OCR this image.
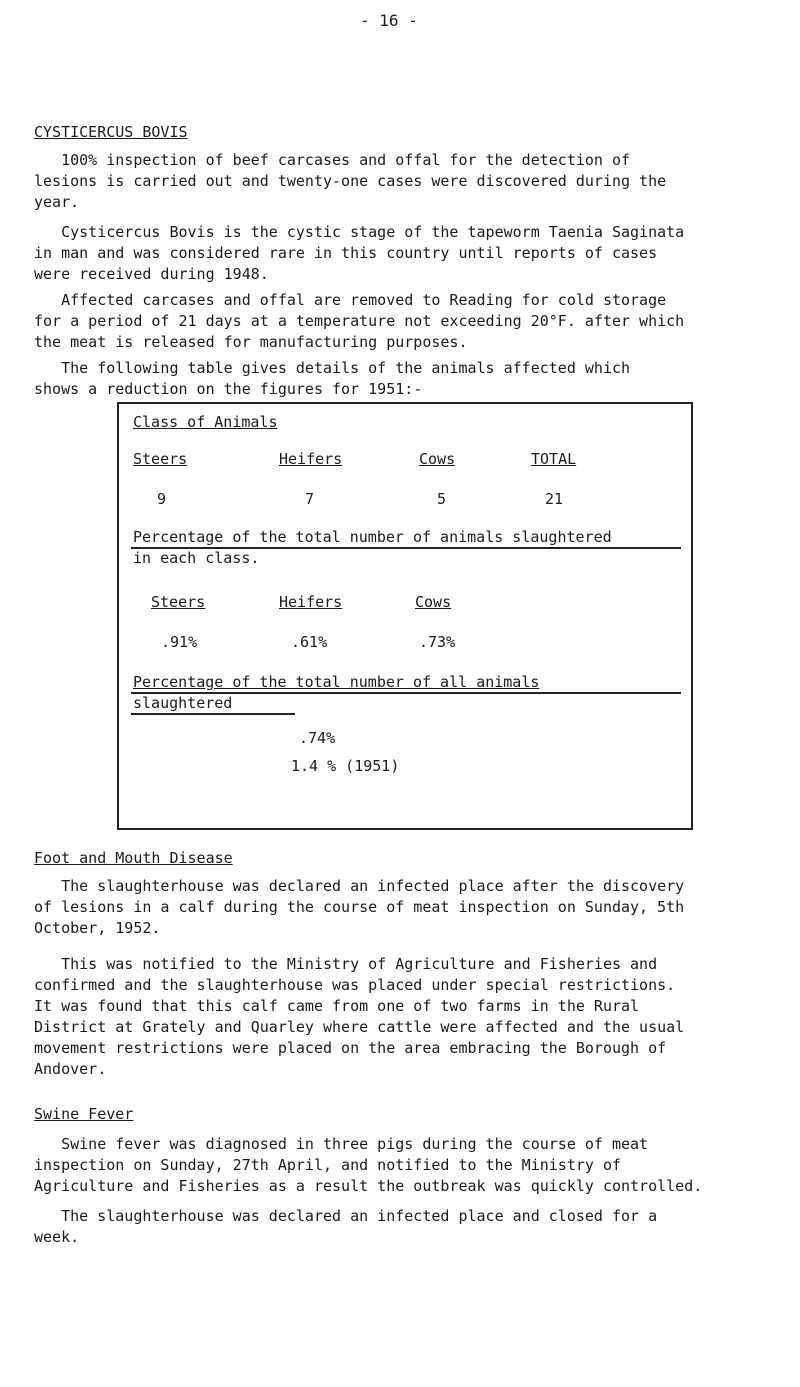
- 16 -
CYSTICERCUS BOVIS
100% inspection of beef carcases and offal for the detection of
lesions is carried out and twenty-one cases were discovered during the
year.
Cysticercus Bovis is the cystic stage of the tapeworm Taenia Saginata
in man and was considered rare in this country until reports of cases
were received during 1948.
Affected carcases and offal are removed to Reading for cold storage
for a period of 21 days at a temperature not exceeding 20°F. after which
the meat is released for manufacturing purposes.
The following table gives details of the animals affected which
shows a reduction on the figures for 1951:-
Class of Animals
Steers	Heifers	Cows	TOTAL
9	7	5	21
Percentage of the total number of animals slaughtered
in each class.
Steers	Heifers	Cows
.91%	.61%	.73%
Percentage of the total number of all animals
slaughtered
.74%
1.4 % (1951)
Foot and Mouth Disease
The slaughterhouse was declared an infected place after the discovery
of lesions in a calf during the course of meat inspection on Sunday, 5th
October, 1952.
This was notified to the Ministry of Agriculture and Fisheries and
confirmed and the slaughterhouse was placed under special restrictions.
It was found that this calf came from one of two farms in the Rural
District at Grately and Quarley where cattle were affected and the usual
movement restrictions were placed on the area embracing the Borough of
Andover.
Swine Fever
Swine fever was diagnosed in three pigs during the course of meat
inspection on Sunday, 27th April, and notified to the Ministry of
Agriculture and Fisheries as a result the outbreak was quickly controlled.
The slaughterhouse was declared an infected place and closed for a
week.
